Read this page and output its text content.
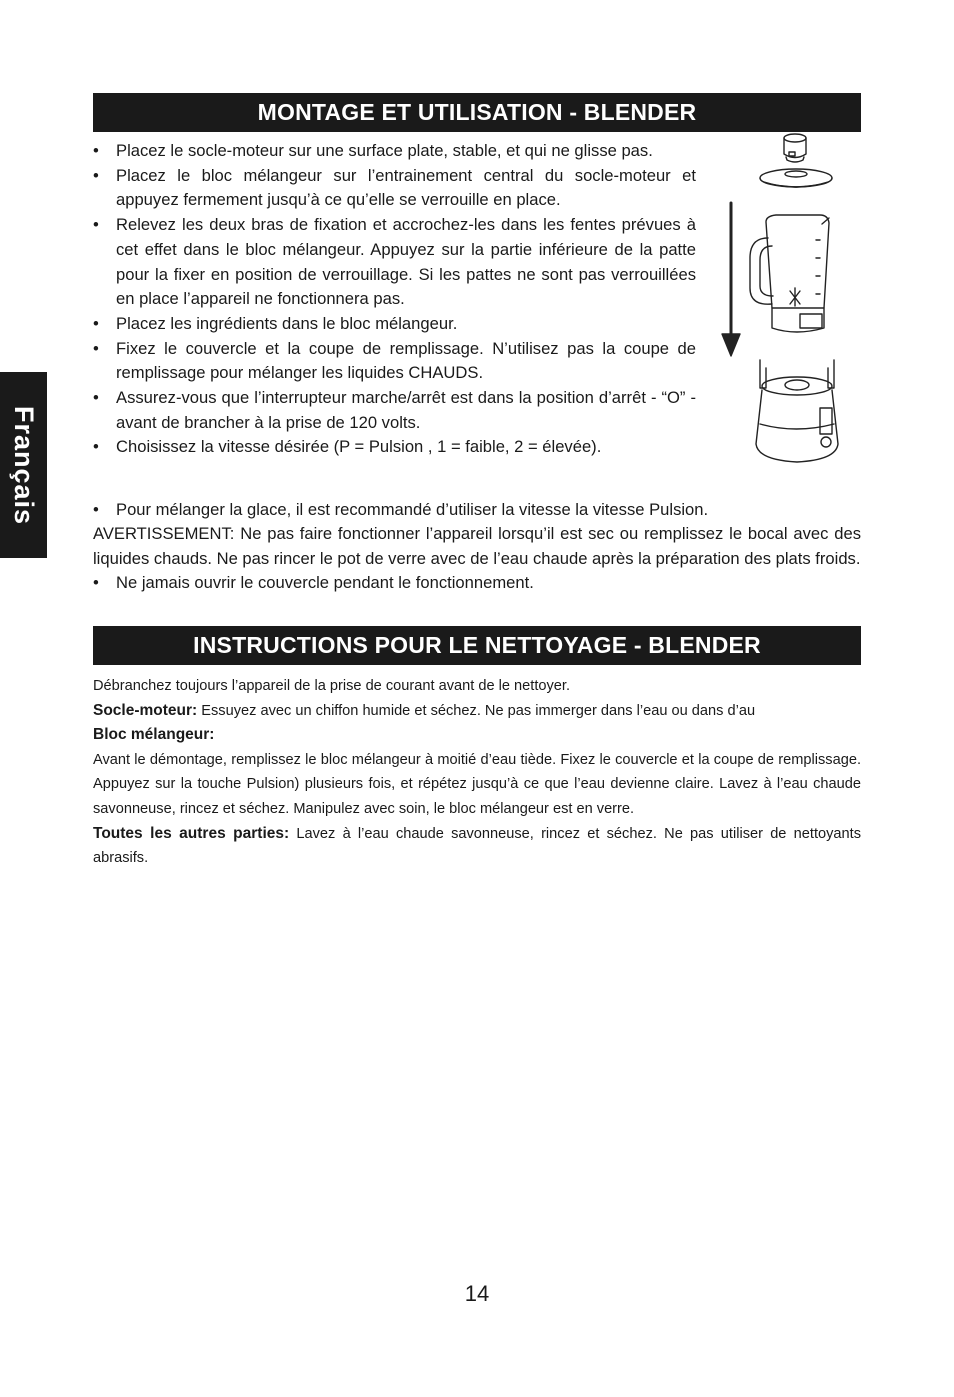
Français
MONTAGE ET UTILISATION - BLENDER
• Placez le socle-moteur sur une surface plate, stable, et qui ne glisse pas.
• Placez le bloc mélangeur sur l’entrainement central du socle-moteur et appuyez fermement jusqu’à ce qu’elle se verrouille en place.
• Relevez les deux bras de fixation et accrochez-les dans les fentes prévues à cet effet dans le bloc mélangeur. Appuyez sur la partie inférieure de la patte pour la fixer en position de verrouillage. Si les pattes ne sont pas verrouillées en place l’appareil ne fonctionnera pas.
• Placez les ingrédients dans le bloc mélangeur.
• Fixez le couvercle et la coupe de remplissage. N’utilisez pas la coupe de remplissage pour mélanger les liquides CHAUDS.
• Assurez-vous que l’interrupteur marche/arrêt est dans la position d’arrêt - “O” - avant de brancher à la prise de 120 volts.
• Choisissez la vitesse désirée (P = Pulsion , 1 = faible, 2 = élevée).
• Pour mélanger la glace, il est recommandé d’utiliser la vitesse la vitesse Pulsion.
AVERTISSEMENT: Ne pas faire fonctionner l’appareil lorsqu’il est sec ou remplissez le bocal avec des liquides chauds. Ne pas rincer le pot de verre avec de l’eau chaude après la préparation des plats froids.
• Ne jamais ouvrir le couvercle pendant le fonctionnement.
INSTRUCTIONS POUR LE NETTOYAGE - BLENDER

Débranchez toujours l’appareil de la prise de courant avant de le nettoyer.

Socle-moteur: Essuyez avec un chiffon humide et séchez. Ne pas immerger dans l’eau ou dans d’au

Bloc mélangeur:

Avant le démontage, remplissez le bloc mélangeur à moitié d’eau tiède. Fixez le couvercle et la coupe de remplissage. Appuyez sur la touche Pulsion) plusieurs fois, et répétez jusqu’à ce que l’eau devienne claire. Lavez à l’eau chaude savonneuse, rincez et séchez. Manipulez avec soin, le bloc mélangeur est en verre.

Toutes les autres parties: Lavez à l’eau chaude savonneuse, rincez et séchez. Ne pas utiliser de nettoyants abrasifs.

14
